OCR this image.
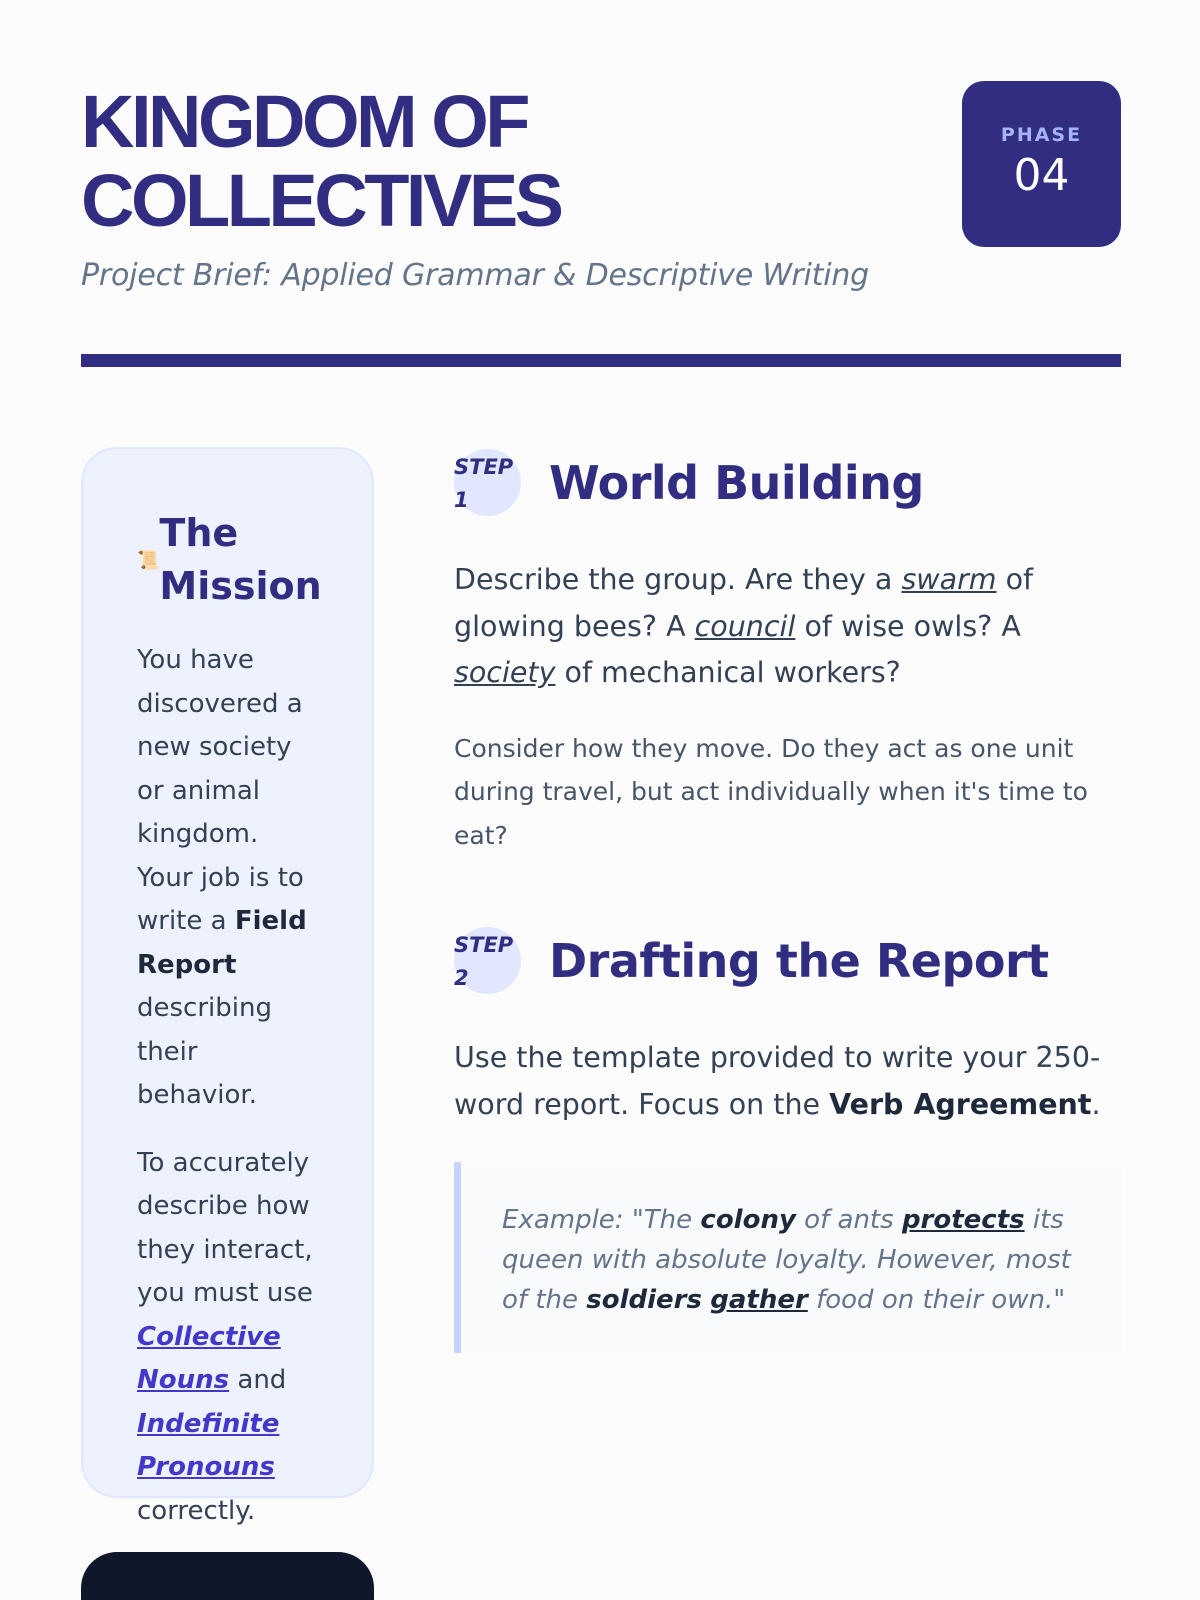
KINGDOM OF
COLLECTIVES
Project Brief: Applied Grammar & Descriptive Writing
PHASE
04
📜
The Mission

You have discovered a new society or animal kingdom. Your job is to write a Field Report describing their behavior.

To accurately describe how they interact, you must use Collective Nouns and Indefinite Pronouns correctly.

STEP
1	World Building

Describe the group. Are they a swarm of glowing bees? A council of wise owls? A society of mechanical workers?

Consider how they move. Do they act as one unit during travel, but act individually when it's time to eat?

STEP
2	Drafting the Report

Use the template provided to write your 250-word report. Focus on the Verb Agreement.

Example: "The colony of ants protects its queen with absolute loyalty. However, most of the soldiers gather food on their own."
